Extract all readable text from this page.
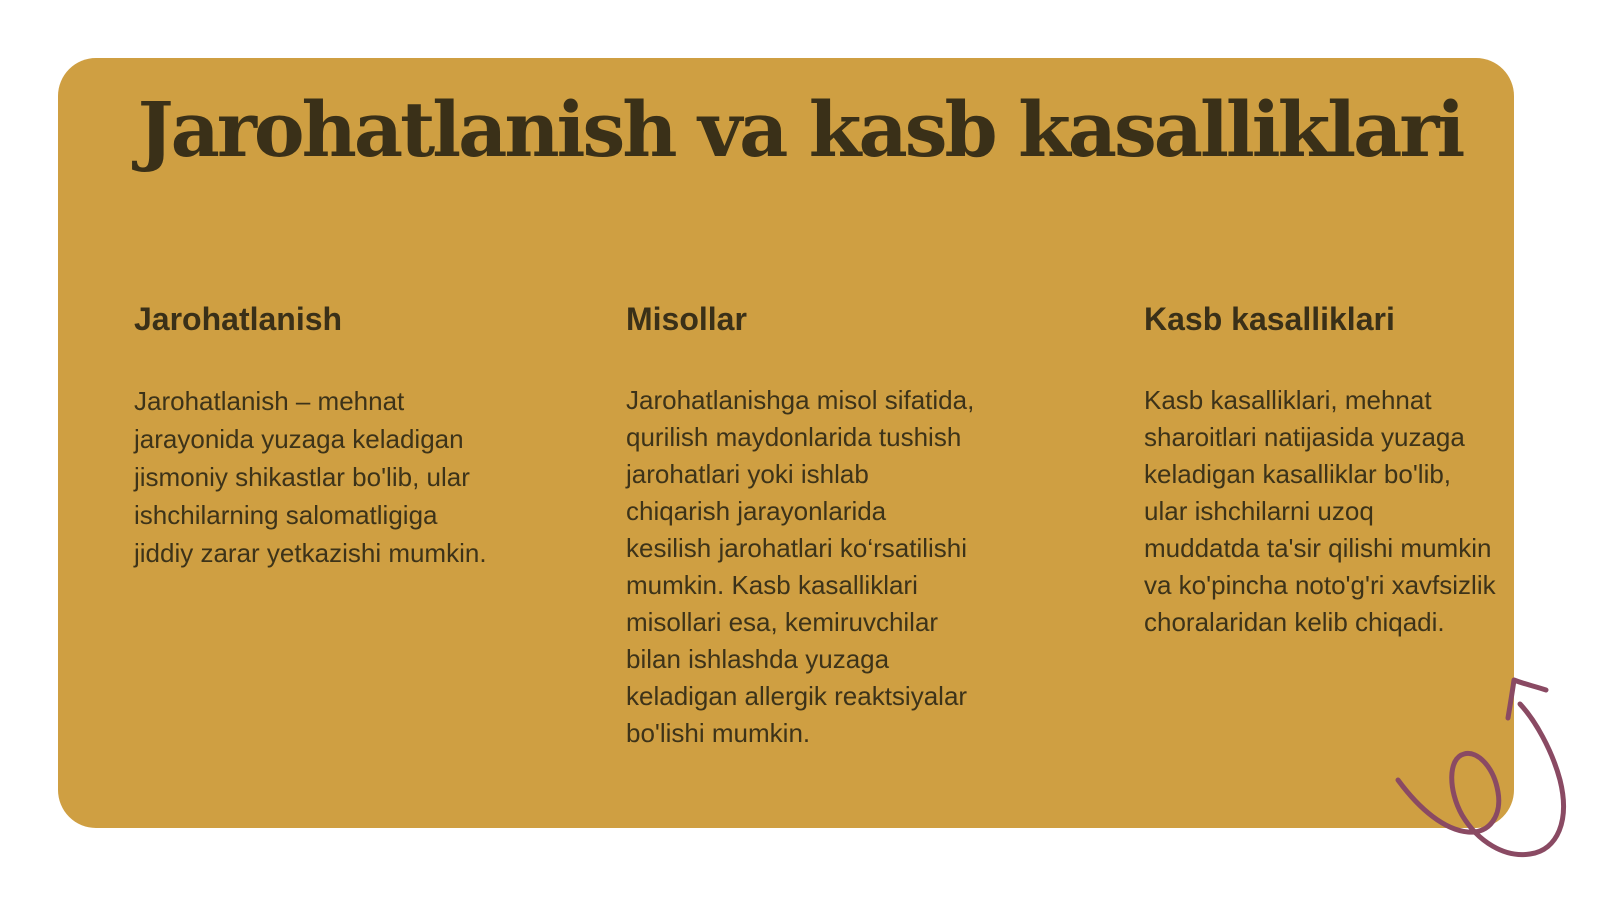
Jarohatlanish va kasb kasalliklari
Jarohatlanish

Jarohatlanish – mehnat
jarayonida yuzaga keladigan
jismoniy shikastlar bo'lib, ular
ishchilarning salomatligiga
jiddiy zarar yetkazishi mumkin.

Misollar

Jarohatlanishga misol sifatida,
qurilish maydonlarida tushish
jarohatlari yoki ishlab
chiqarish jarayonlarida
kesilish jarohatlari ko‘rsatilishi
mumkin. Kasb kasalliklari
misollari esa, kemiruvchilar
bilan ishlashda yuzaga
keladigan allergik reaktsiyalar
bo'lishi mumkin.

Kasb kasalliklari

Kasb kasalliklari, mehnat
sharoitlari natijasida yuzaga
keladigan kasalliklar bo'lib,
ular ishchilarni uzoq
muddatda ta'sir qilishi mumkin
va ko'pincha noto'g'ri xavfsizlik
choralaridan kelib chiqadi.
